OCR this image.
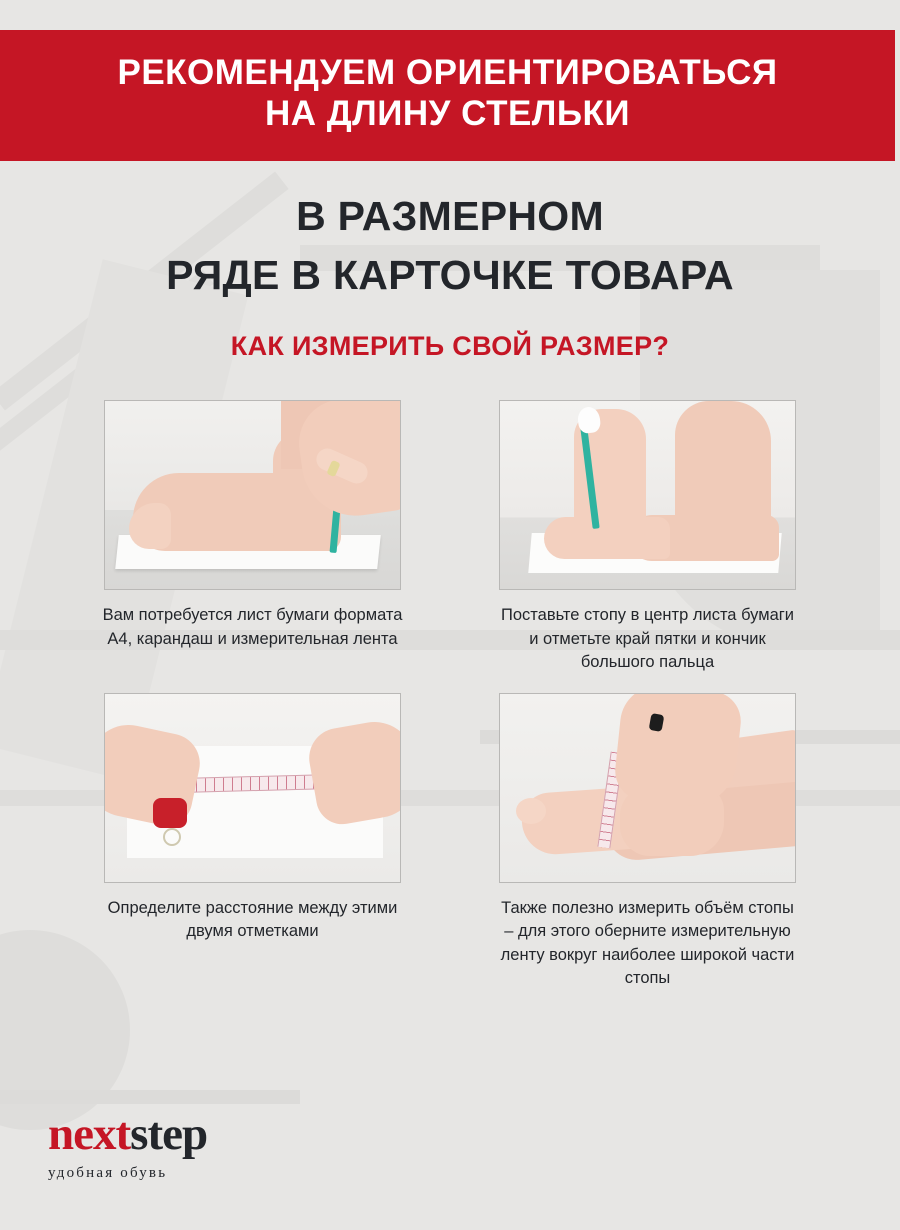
РЕКОМЕНДУЕМ ОРИЕНТИРОВАТЬСЯ
НА ДЛИНУ СТЕЛЬКИ
В РАЗМЕРНОМ
РЯДЕ В КАРТОЧКЕ ТОВАРА
КАК ИЗМЕРИТЬ СВОЙ РАЗМЕР?
Вам потребуется лист бумаги формата А4, карандаш и измерительная лента
Поставьте стопу в центр листа бумаги и отметьте край пятки и кончик большого пальца
Определите расстояние между этими двумя отметками
Также полезно измерить объём стопы – для этого оберните измерительную ленту вокруг наиболее широкой части стопы
nextstep
удобная обувь
